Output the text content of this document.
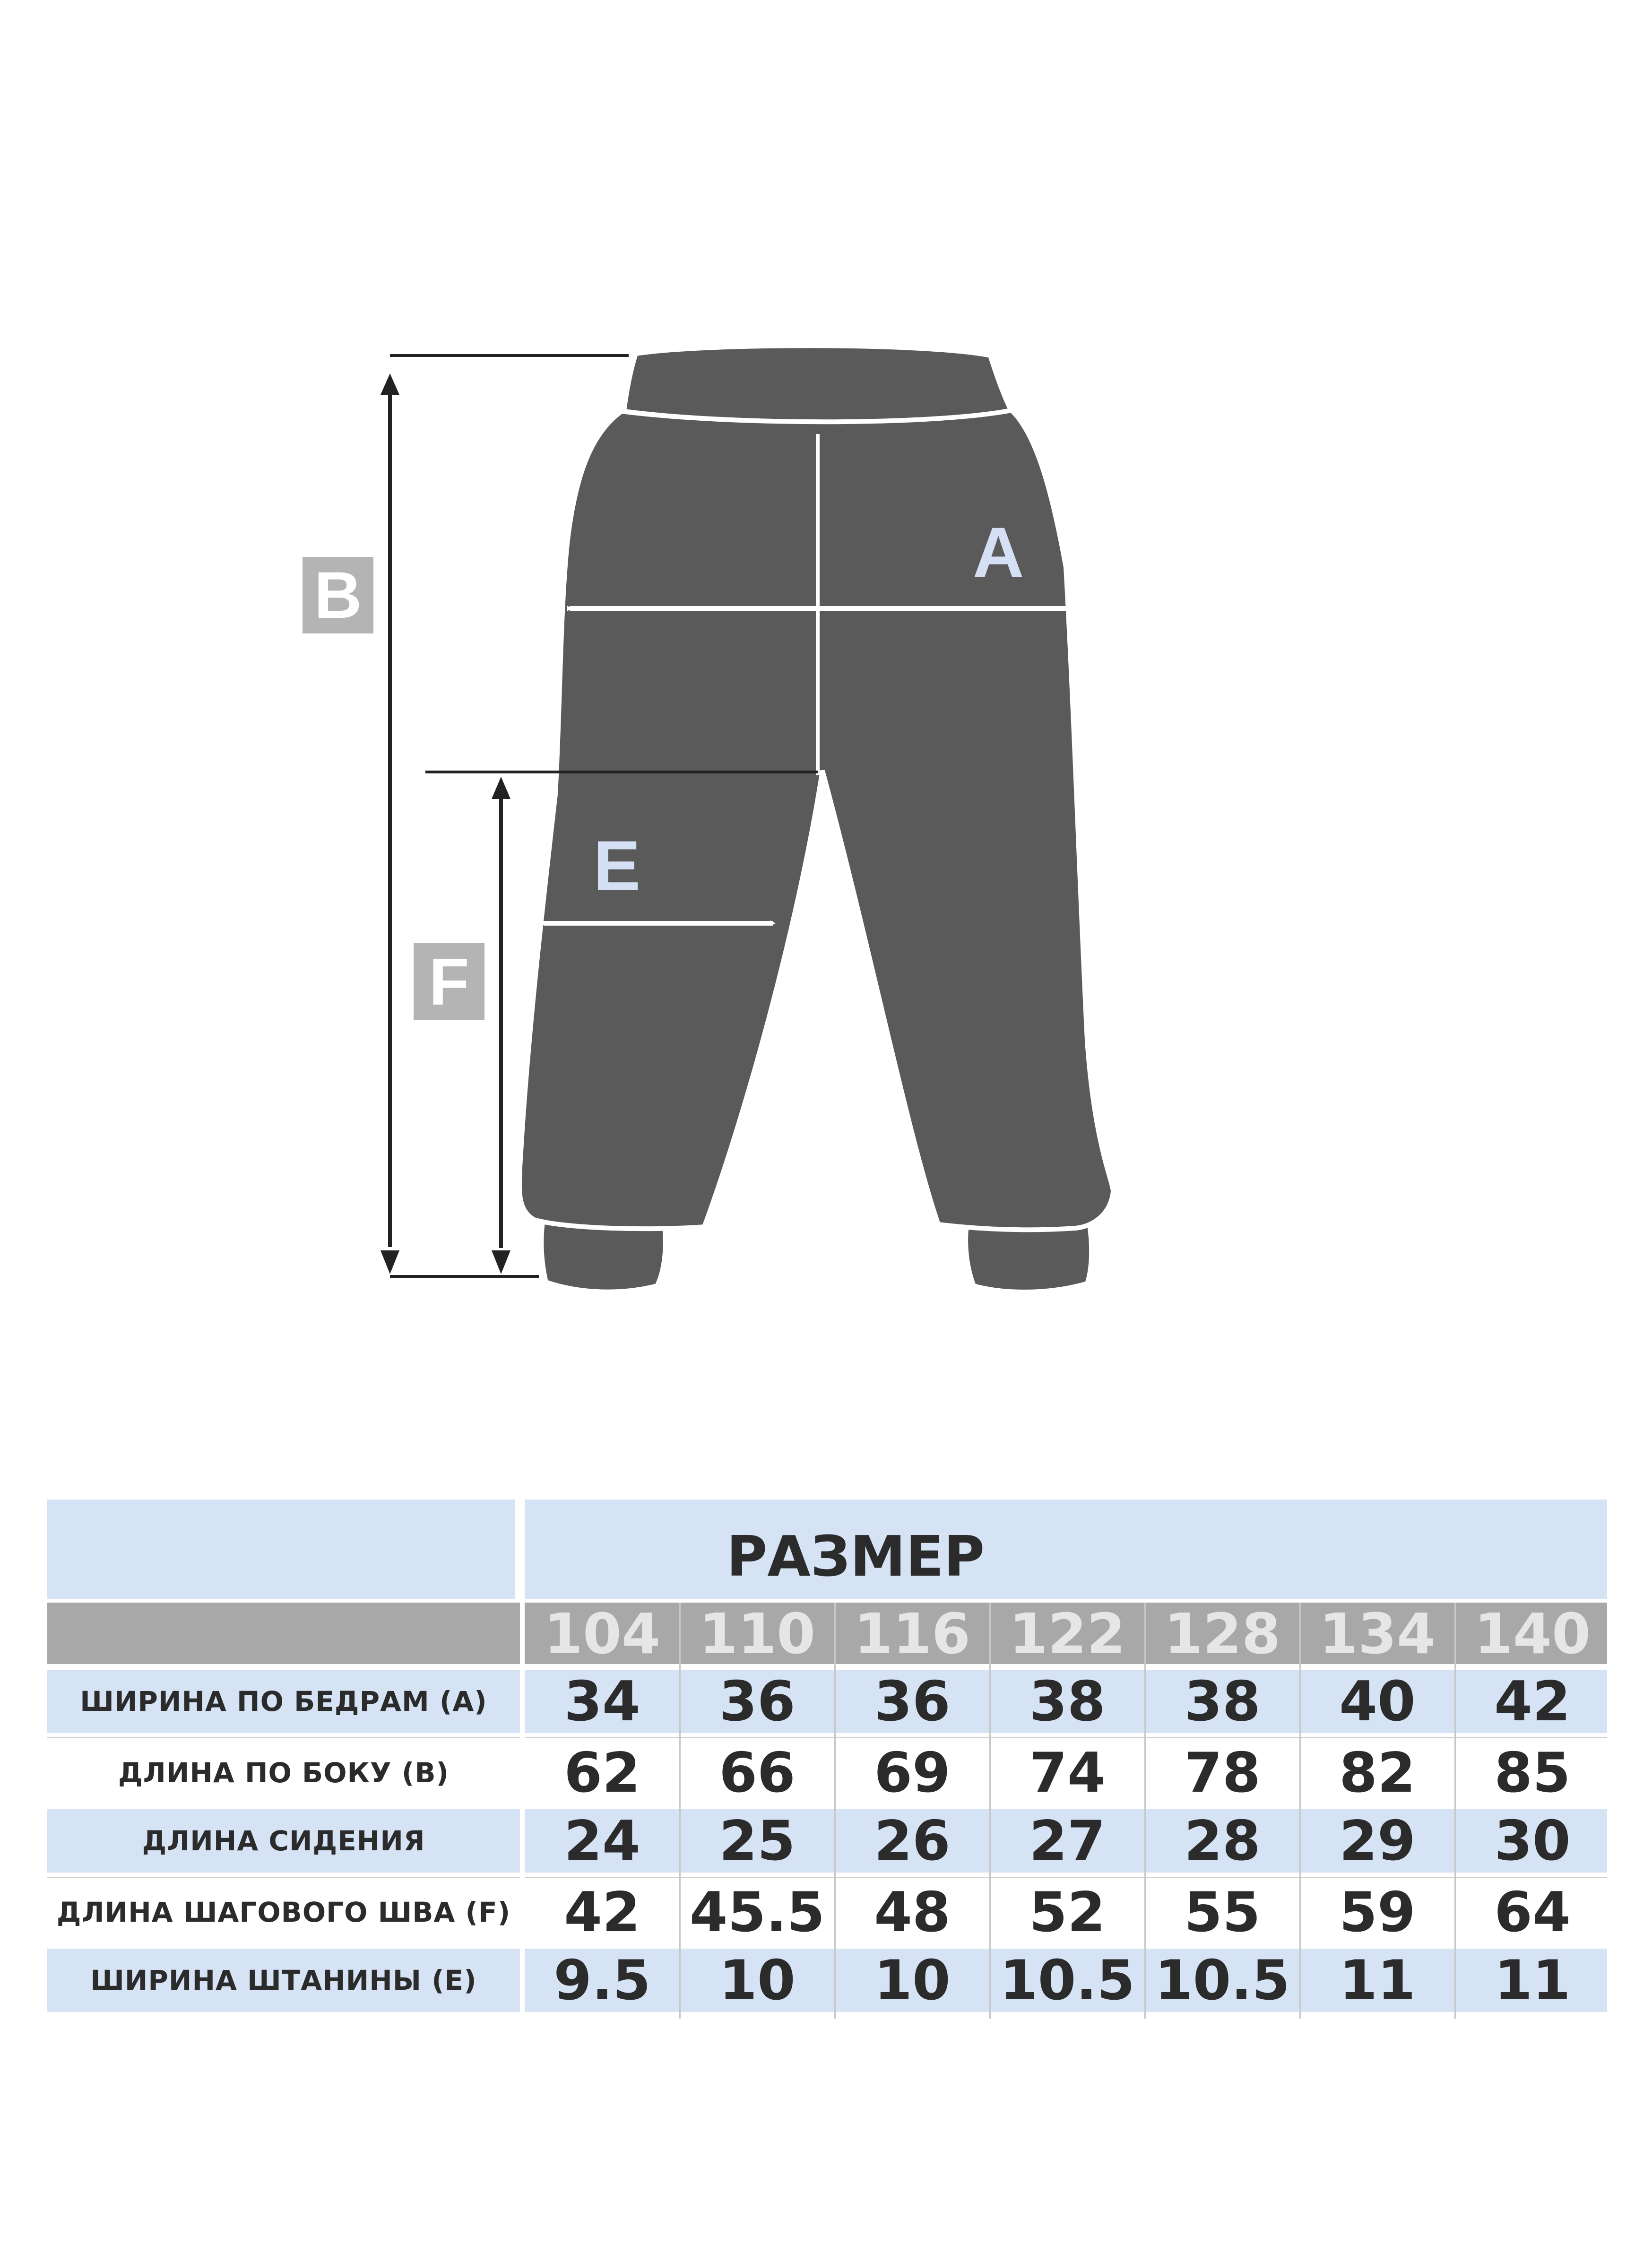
B
F
A
E
РАЗМЕР
104 110 116 122 128 134 140
ШИРИНА ПО БЕДРАМ (А)	34	36	36	38	38	40	42
ДЛИНА ПО БОКУ (В)	62	66	69	74	78	82	85
ДЛИНА СИДЕНИЯ	24	25	26	27	28	29	30
ДЛИНА ШАГОВОГО ШВА (F) 42 45.5 48	52	55	59	64
ШИРИНА ШТАНИНЫ (Е)	9.5	10	10 10.5 10.5 11	11
